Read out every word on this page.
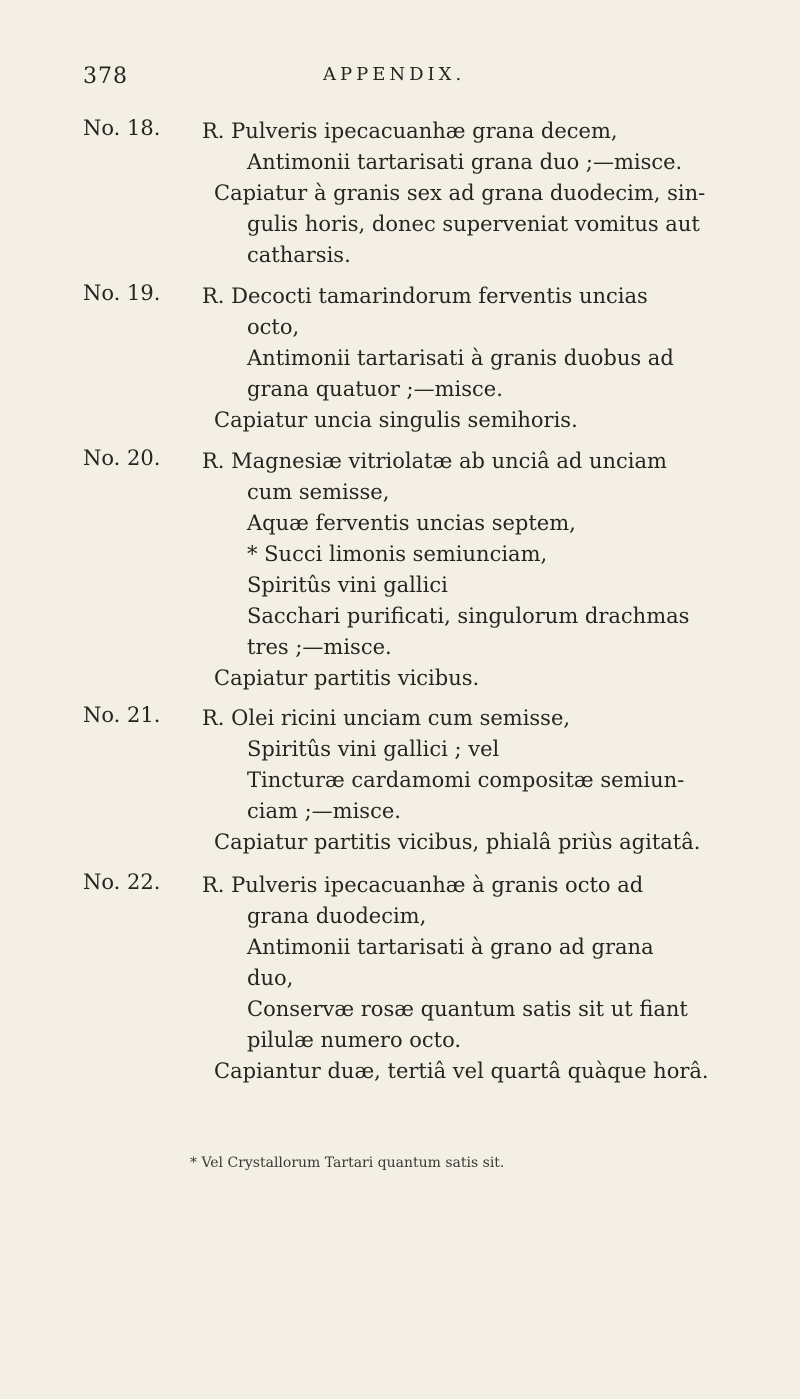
378	APPENDIX.
No. 18. R. Pulveris ipecacuanhæ grana decem,
Antimonii tartarisati grana duo ;—misce.
Capiatur à granis sex ad grana duodecim, sin-
gulis horis, donec superveniat vomitus aut
catharsis.
No. 19. R. Decocti tamarindorum ferventis uncias
octo,
Antimonii tartarisati à granis duobus ad
grana quatuor ;—misce.
Capiatur uncia singulis semihoris.
No. 20. R. Magnesiæ vitriolatæ ab unciâ ad unciam
cum semisse,
Aquæ ferventis uncias septem,
* Succi limonis semiunciam,
Spiritûs vini gallici
Sacchari purificati, singulorum drachmas
tres ;—misce.
Capiatur partitis vicibus.
No. 21. R. Olei ricini unciam cum semisse,
Spiritûs vini gallici ; vel
Tincturæ cardamomi compositæ semiun-
ciam ;—misce.
Capiatur partitis vicibus, phialâ priùs agitatâ.
No. 22. R. Pulveris ipecacuanhæ à granis octo ad
grana duodecim,
Antimonii tartarisati à grano ad grana
duo,
Conservæ rosæ quantum satis sit ut fiant
pilulæ numero octo.
Capiantur duæ, tertiâ vel quartâ quàque horâ.
* Vel Crystallorum Tartari quantum satis sit.
